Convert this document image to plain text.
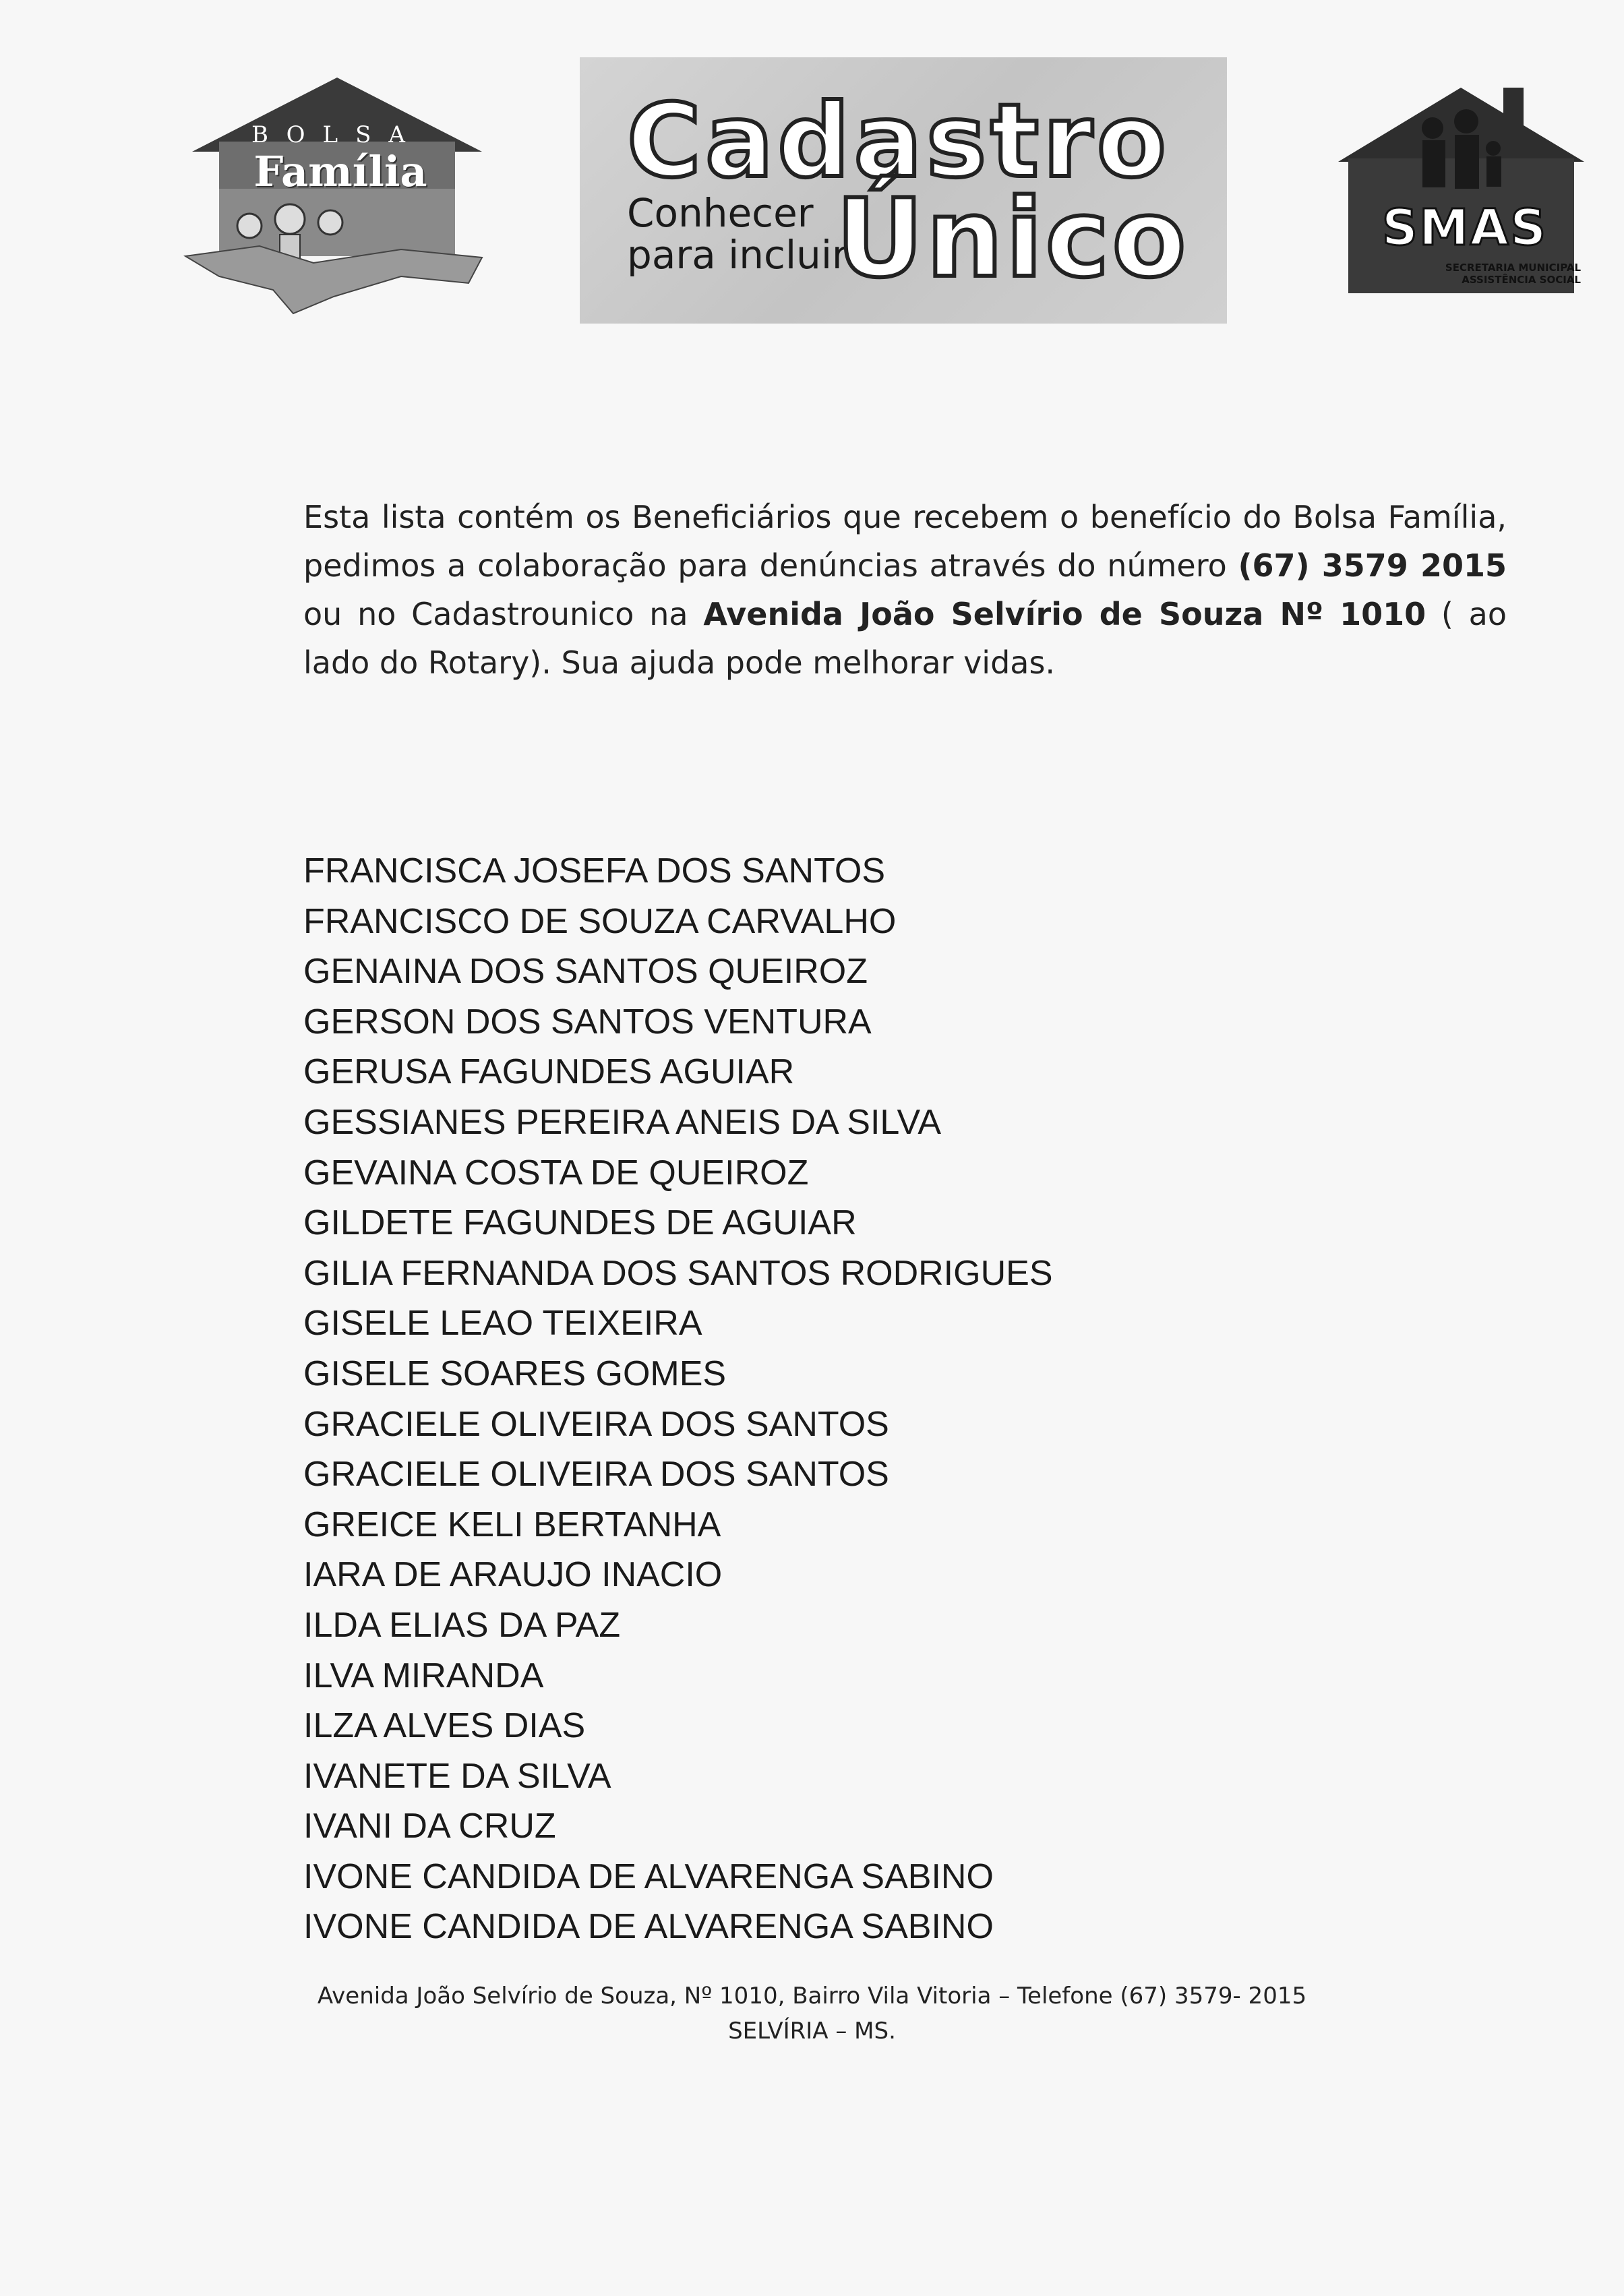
BOLSA
Família Cadastro
Conhecer
para incluir
Único	SMAS
SECRETARIA MUNICIPAL
ASSISTÊNCIA SOCIAL

Esta lista contém os Beneficiários que recebem o benefício do Bolsa Família, pedimos a colaboração para denúncias através do número (67) 3579 2015 ou no Cadastrounico na Avenida João Selvírio de Souza Nº 1010 ( ao lado do Rotary). Sua ajuda pode melhorar vidas.

FRANCISCA JOSEFA DOS SANTOS
FRANCISCO DE SOUZA CARVALHO
GENAINA DOS SANTOS QUEIROZ
GERSON DOS SANTOS VENTURA
GERUSA FAGUNDES AGUIAR
GESSIANES PEREIRA ANEIS DA SILVA
GEVAINA COSTA DE QUEIROZ
GILDETE FAGUNDES DE AGUIAR
GILIA FERNANDA DOS SANTOS RODRIGUES
GISELE LEAO TEIXEIRA
GISELE SOARES GOMES
GRACIELE OLIVEIRA DOS SANTOS
GRACIELE OLIVEIRA DOS SANTOS
GREICE KELI BERTANHA
IARA DE ARAUJO INACIO
ILDA ELIAS DA PAZ
ILVA MIRANDA
ILZA ALVES DIAS
IVANETE DA SILVA
IVANI DA CRUZ
IVONE CANDIDA DE ALVARENGA SABINO
IVONE CANDIDA DE ALVARENGA SABINO
Avenida João Selvírio de Souza, Nº 1010, Bairro Vila Vitoria – Telefone (67) 3579- 2015
SELVÍRIA – MS.
